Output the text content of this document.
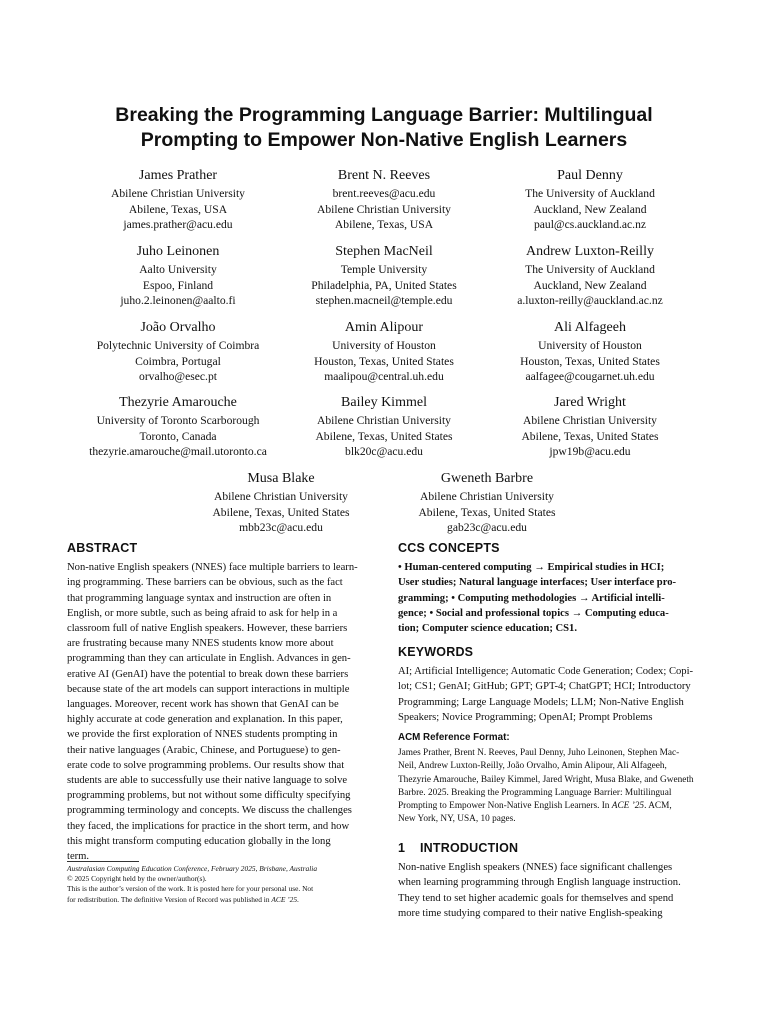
Breaking the Programming Language Barrier: Multilingual
Prompting to Empower Non-Native English Learners
James Prather
Abilene Christian University
Abilene, Texas, USA
james.prather@acu.edu
Brent N. Reeves
brent.reeves@acu.edu
Abilene Christian University
Abilene, Texas, USA
Paul Denny
The University of Auckland
Auckland, New Zealand
paul@cs.auckland.ac.nz
Juho Leinonen
Aalto University
Espoo, Finland
juho.2.leinonen@aalto.fi
Stephen MacNeil
Temple University
Philadelphia, PA, United States
stephen.macneil@temple.edu
Andrew Luxton-Reilly
The University of Auckland
Auckland, New Zealand
a.luxton-reilly@auckland.ac.nz
João Orvalho
Polytechnic University of Coimbra
Coimbra, Portugal
orvalho@esec.pt
Amin Alipour
University of Houston
Houston, Texas, United States
maalipou@central.uh.edu
Ali Alfageeh
University of Houston
Houston, Texas, United States
aalfagee@cougarnet.uh.edu
Thezyrie Amarouche
University of Toronto Scarborough
Toronto, Canada
thezyrie.amarouche@mail.utoronto.ca
Bailey Kimmel
Abilene Christian University
Abilene, Texas, United States
blk20c@acu.edu
Jared Wright
Abilene Christian University
Abilene, Texas, United States
jpw19b@acu.edu
Musa Blake
Abilene Christian University
Abilene, Texas, United States
mbb23c@acu.edu
Gweneth Barbre
Abilene Christian University
Abilene, Texas, United States
gab23c@acu.edu
ABSTRACT
Non-native English speakers (NNES) face multiple barriers to learn-
ing programming. These barriers can be obvious, such as the fact
that programming language syntax and instruction are often in
English, or more subtle, such as being afraid to ask for help in a
classroom full of native English speakers. However, these barriers
are frustrating because many NNES students know more about
programming than they can articulate in English. Advances in gen-
erative AI (GenAI) have the potential to break down these barriers
because state of the art models can support interactions in multiple
languages. Moreover, recent work has shown that GenAI can be
highly accurate at code generation and explanation. In this paper,
we provide the first exploration of NNES students prompting in
their native languages (Arabic, Chinese, and Portuguese) to gen-
erate code to solve programming problems. Our results show that
students are able to successfully use their native language to solve
programming problems, but not without some difficulty specifying
programming terminology and concepts. We discuss the challenges
they faced, the implications for practice in the short term, and how
this might transform computing education globally in the long
term.
Australasian Computing Education Conference, February 2025, Brisbane, Australia
© 2025 Copyright held by the owner/author(s).
This is the author’s version of the work. It is posted here for your personal use. Not
for redistribution. The definitive Version of Record was published in ACE ’25.
CCS CONCEPTS
• Human-centered computing → Empirical studies in HCI;
User studies; Natural language interfaces; User interface pro-
gramming; • Computing methodologies → Artificial intelli-
gence; • Social and professional topics → Computing educa-
tion; Computer science education; CS1.
KEYWORDS
AI; Artificial Intelligence; Automatic Code Generation; Codex; Copi-
lot; CS1; GenAI; GitHub; GPT; GPT-4; ChatGPT; HCI; Introductory
Programming; Large Language Models; LLM; Non-Native English
Speakers; Novice Programming; OpenAI; Prompt Problems
ACM Reference Format:
James Prather, Brent N. Reeves, Paul Denny, Juho Leinonen, Stephen Mac-
Neil, Andrew Luxton-Reilly, João Orvalho, Amin Alipour, Ali Alfageeh,
Thezyrie Amarouche, Bailey Kimmel, Jared Wright, Musa Blake, and Gweneth
Barbre. 2025. Breaking the Programming Language Barrier: Multilingual
Prompting to Empower Non-Native English Learners. In ACE ’25. ACM,
New York, NY, USA, 10 pages.
1 INTRODUCTION
Non-native English speakers (NNES) face significant challenges
when learning programming through English language instruction.
They tend to set higher academic goals for themselves and spend
more time studying compared to their native English-speaking
